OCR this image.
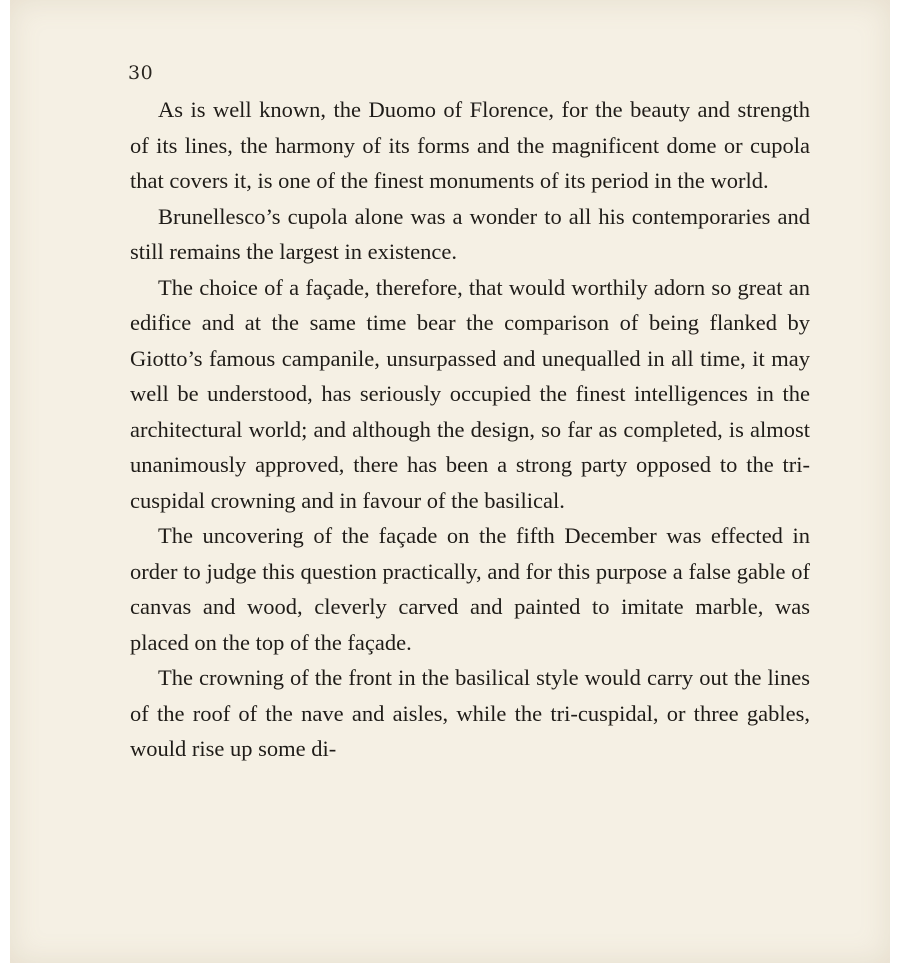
30

As is well known, the Duomo of Florence, for the beauty and strength of its lines, the harmony of its forms and the magnificent dome or cupola that covers it, is one of the finest monuments of its period in the world.

Brunellesco’s cupola alone was a wonder to all his contemporaries and still remains the largest in existence.

The choice of a façade, therefore, that would worthily adorn so great an edifice and at the same time bear the comparison of being flanked by Giotto’s famous campanile, unsurpassed and unequalled in all time, it may well be understood, has seriously occupied the finest intelligences in the architectural world; and although the design, so far as completed, is almost unanimously approved, there has been a strong party opposed to the tri-cuspidal crowning and in favour of the basilical.

The uncovering of the façade on the fifth December was effected in order to judge this question practically, and for this purpose a false gable of canvas and wood, cleverly carved and painted to imitate marble, was placed on the top of the façade.

The crowning of the front in the basilical style would carry out the lines of the roof of the nave and aisles, while the tri-cuspidal, or three gables, would rise up some di-
